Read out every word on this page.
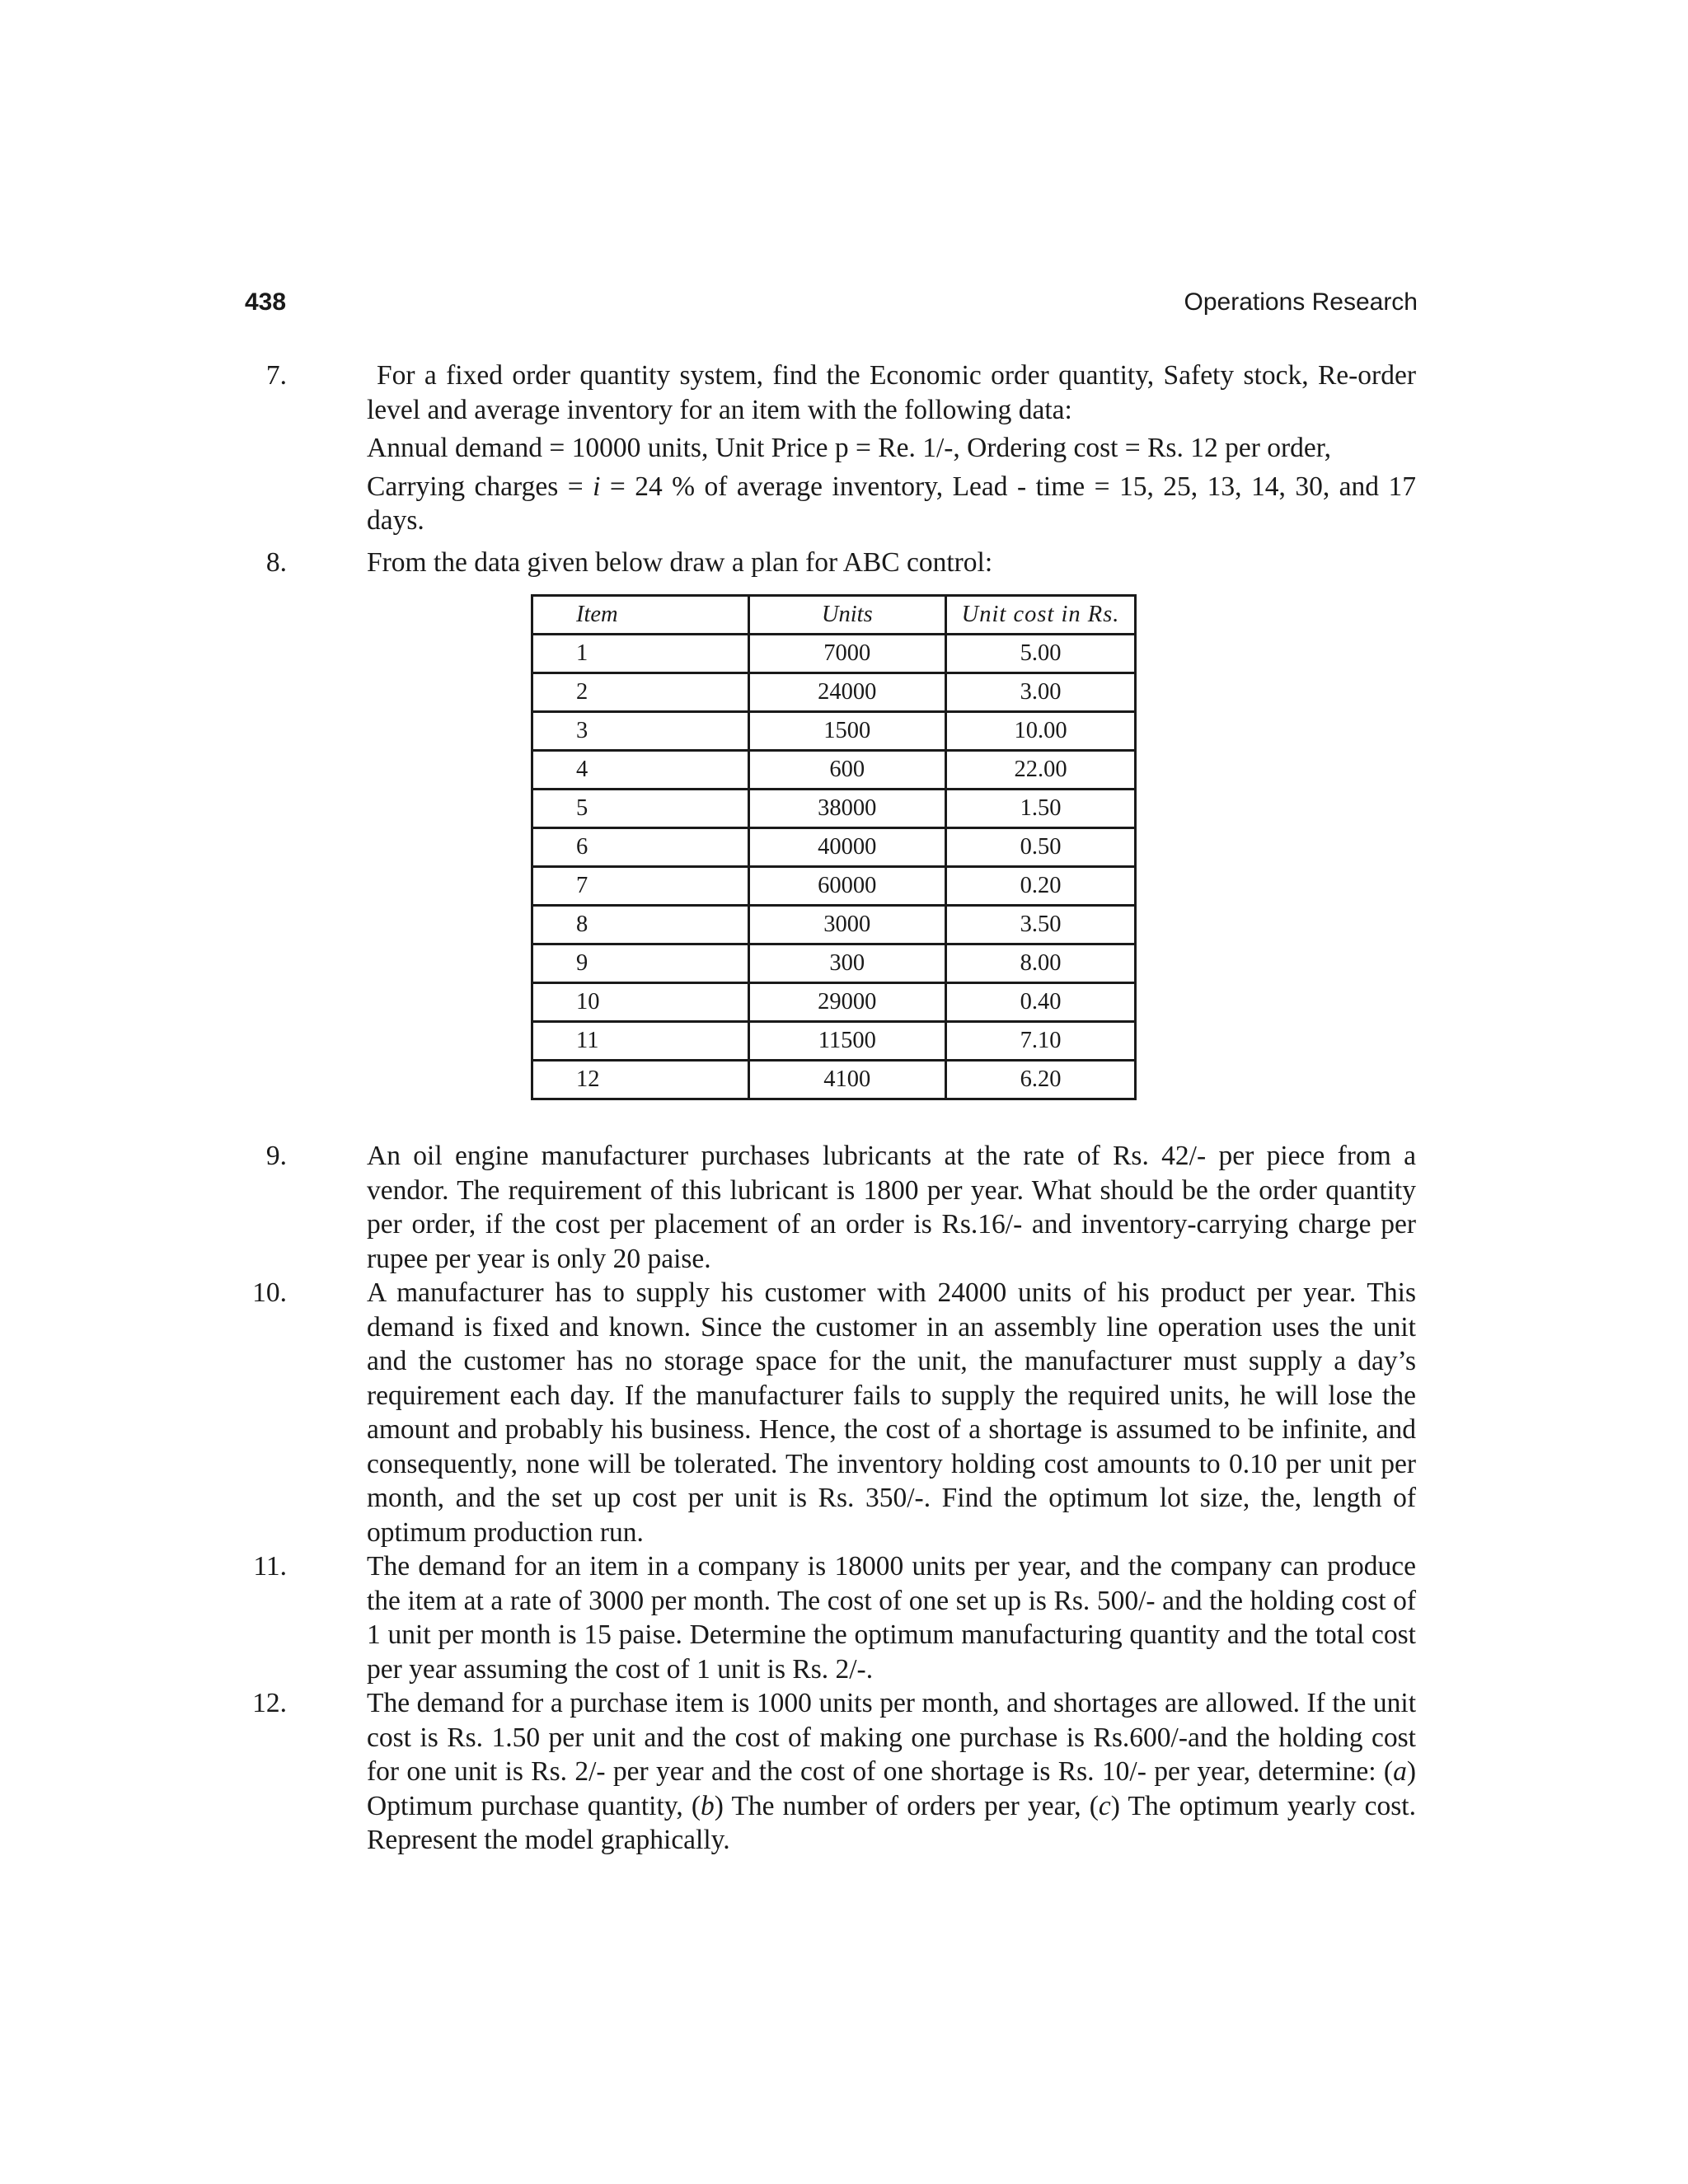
438	Operations Research
7.	For a fixed order quantity system, find the Economic order quantity, Safety stock, Re-order level and average inventory for an item with the following data:

Annual demand = 10000 units, Unit Price p = Re. 1/-, Ordering cost = Rs. 12 per order,

Carrying charges = i = 24 % of average inventory, Lead - time = 15, 25, 13, 14, 30, and 17 days.

8.	From the data given below draw a plan for ABC control:

Item	Units	Unit cost in Rs.
1	7000	5.00
2	24000	3.00
3	1500	10.00
4	600	22.00
5	38000	1.50
6	40000	0.50
7	60000	0.20
8	3000	3.50
9	300	8.00
10	29000	0.40
11	11500	7.10
12	4100	6.20
9.	An oil engine manufacturer purchases lubricants at the rate of Rs. 42/- per piece from a vendor. The requirement of this lubricant is 1800 per year. What should be the order quantity per order, if the cost per placement of an order is Rs.16/- and inventory-carrying charge per rupee per year is only 20 paise.

10.	A manufacturer has to supply his customer with 24000 units of his product per year. This demand is fixed and known. Since the customer in an assembly line operation uses the unit and the customer has no storage space for the unit, the manufacturer must supply a day’s requirement each day. If the manufacturer fails to supply the required units, he will lose the amount and probably his business. Hence, the cost of a shortage is assumed to be infinite, and consequently, none will be tolerated. The inventory holding cost amounts to 0.10 per unit per month, and the set up cost per unit is Rs. 350/-. Find the optimum lot size, the, length of optimum production run.

11.	The demand for an item in a company is 18000 units per year, and the company can produce the item at a rate of 3000 per month. The cost of one set up is Rs. 500/- and the holding cost of 1 unit per month is 15 paise. Determine the optimum manufacturing quantity and the total cost per year assuming the cost of 1 unit is Rs. 2/-.

12.	The demand for a purchase item is 1000 units per month, and shortages are allowed. If the unit cost is Rs. 1.50 per unit and the cost of making one purchase is Rs.600/-and the holding cost for one unit is Rs. 2/- per year and the cost of one shortage is Rs. 10/- per year, determine: (a) Optimum purchase quantity, (b) The number of orders per year, (c) The optimum yearly cost. Represent the model graphically.
